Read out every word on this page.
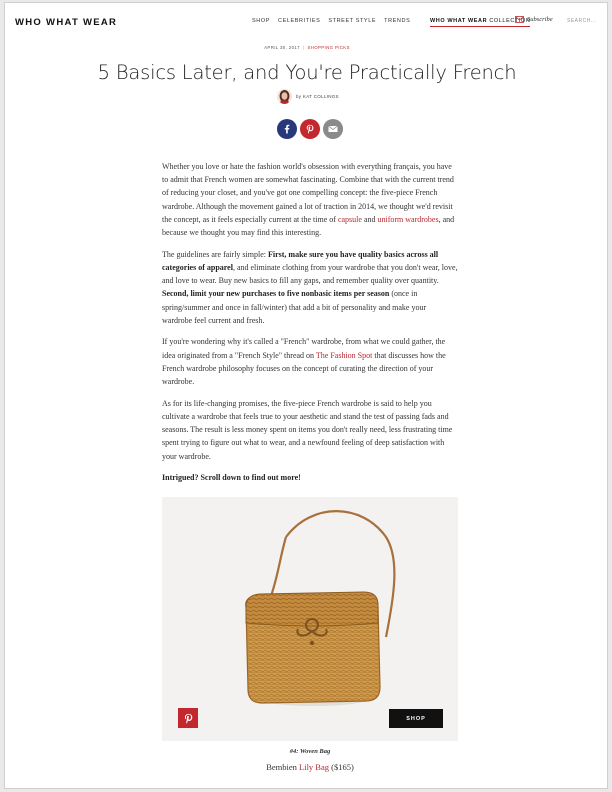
WHO WHAT WEAR	SHOP CELEBRITIES STREET STYLE TRENDS	WHO WHAT WEAR COLLECTION
Subscribe	SEARCH...
APRIL 30, 2017 | SHOPPING PICKS
5 Basics Later, and You're Practically French
by KAT COLLINGS

Whether you love or hate the fashion world's obsession with everything français, you have to admit that French women are somewhat fascinating. Combine that with the current trend of reducing your closet, and you've got one compelling concept: the five-piece French wardrobe. Although the movement gained a lot of traction in 2014, we thought we'd revisit the concept, as it feels especially current at the time of capsule and uniform wardrobes, and because we thought you may find this interesting.

The guidelines are fairly simple: First, make sure you have quality basics across all categories of apparel, and eliminate clothing from your wardrobe that you don't wear, love, and love to wear. Buy new basics to fill any gaps, and remember quality over quantity. Second, limit your new purchases to five nonbasic items per season (once in spring/summer and once in fall/winter) that add a bit of personality and make your wardrobe feel current and fresh.

If you're wondering why it's called a "French" wardrobe, from what we could gather, the idea originated from a "French Style" thread on The Fashion Spot that discusses how the French wardrobe philosophy focuses on the concept of curating the direction of your wardrobe.

As for its life-changing promises, the five-piece French wardrobe is said to help you cultivate a wardrobe that feels true to your aesthetic and stand the test of passing fads and seasons. The result is less money spent on items you don't really need, less frustrating time spent trying to figure out what to wear, and a newfound feeling of deep satisfaction with your wardrobe.

Intrigued? Scroll down to find out more!

SHOP
#4: Woven Bag
Bembien Lily Bag ($165)
